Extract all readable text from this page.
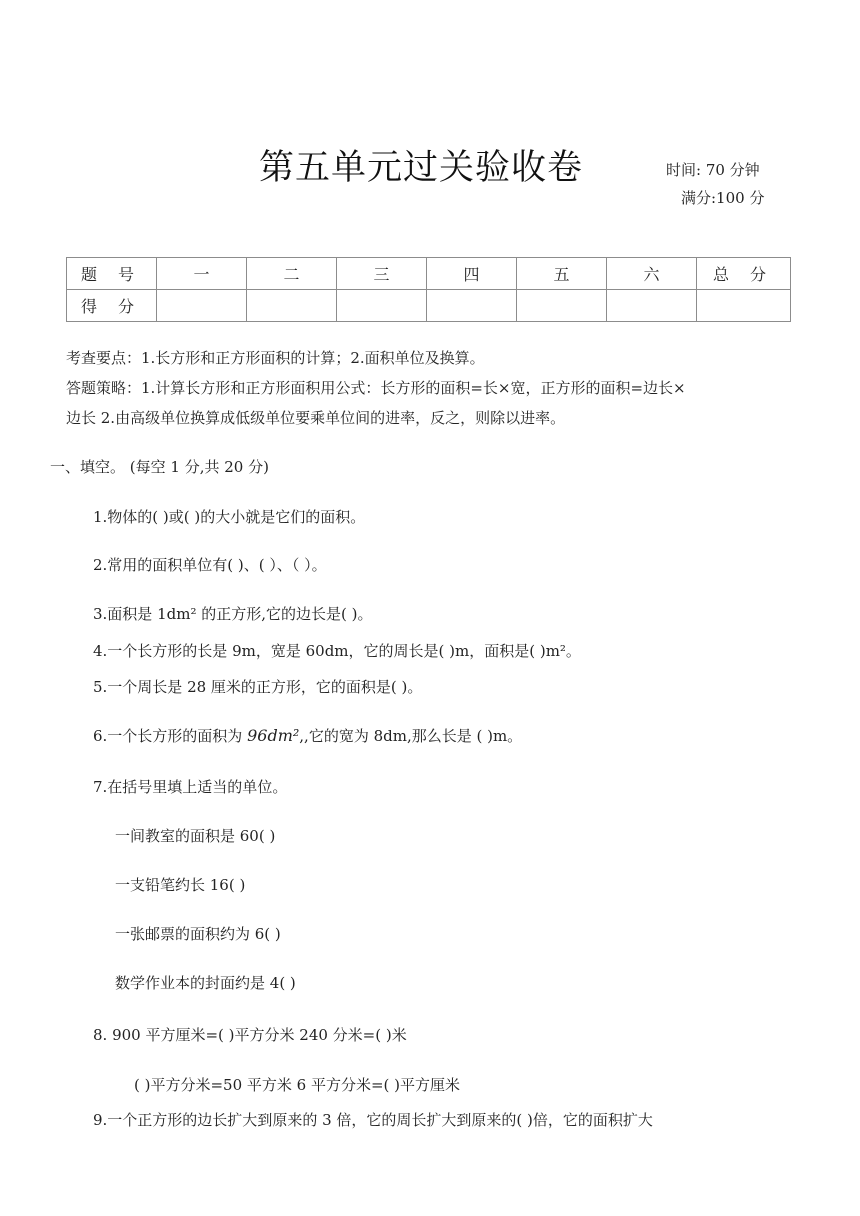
第五单元过关验收卷	时间: 70 分钟
满分:100 分
题 号	一	二	三	四	五	六	总 分
得 分							
考查要点：1.长方形和正方形面积的计算；2.面积单位及换算。
答题策略：1.计算长方形和正方形面积用公式：长方形的面积=长×宽，正方形的面积=边长×
边长 2.由高级单位换算成低级单位要乘单位间的进率，反之，则除以进率。
一、填空。 (每空 1 分,共 20 分)
1.物体的( )或( )的大小就是它们的面积。
2.常用的面积单位有( )、( ）、（ ）。
3.面积是 1dm² 的正方形,它的边长是( )。
4.一个长方形的长是 9m，宽是 60dm，它的周长是( )m，面积是( )m²。
5.一个周长是 28 厘米的正方形，它的面积是( )。
6.一个长方形的面积为 96dm²,,它的宽为 8dm,那么长是 ( )m。
7.在括号里填上适当的单位。
一间教室的面积是 60( )
一支铅笔约长 16( )
一张邮票的面积约为 6( )
数学作业本的封面约是 4( )
8. 900 平方厘米=( )平方分米 240 分米=( )米
( )平方分米=50 平方米 6 平方分米=( )平方厘米
9.一个正方形的边长扩大到原来的 3 倍，它的周长扩大到原来的( )倍，它的面积扩大
